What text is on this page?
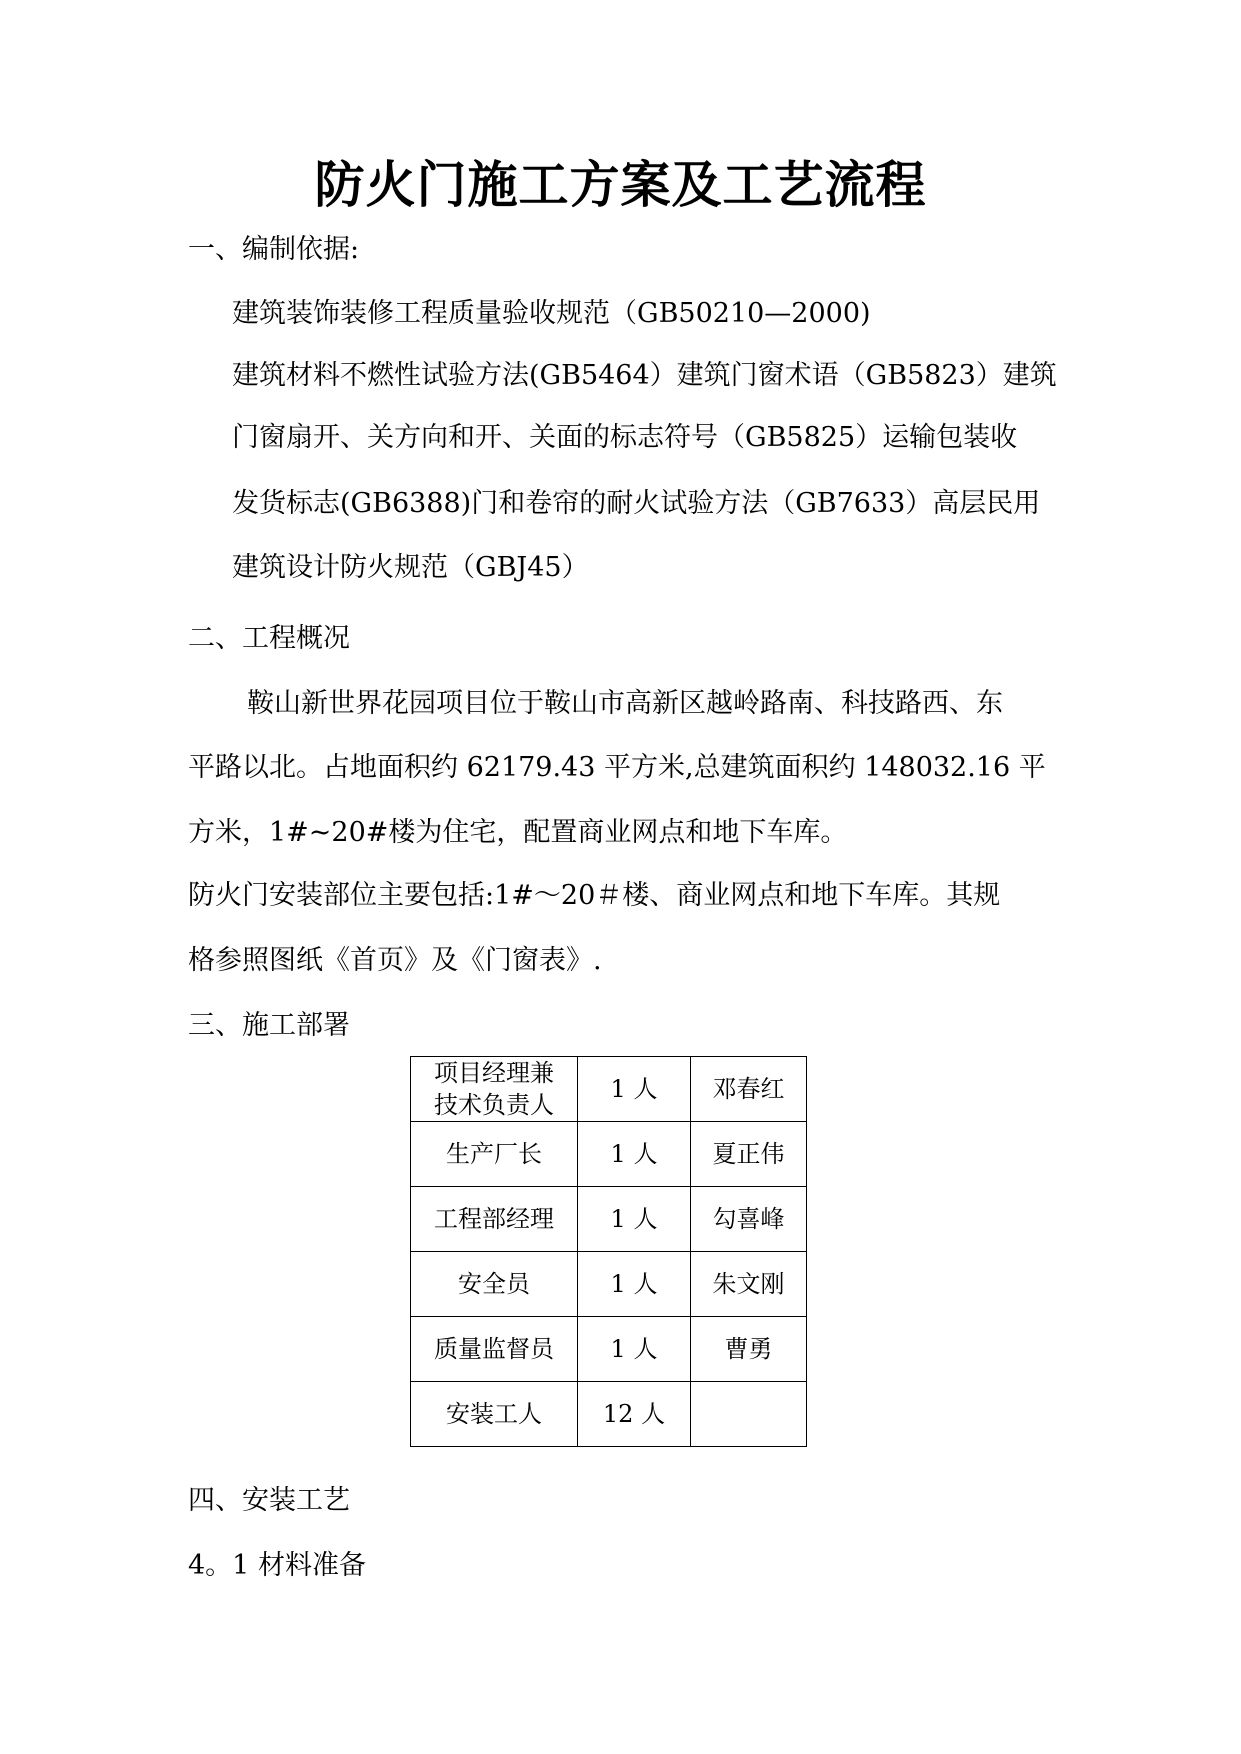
防火门施工方案及工艺流程
一、编制依据:
建筑装饰装修工程质量验收规范（GB50210—2000)
建筑材料不燃性试验方法(GB5464）建筑门窗术语（GB5823）建筑
门窗扇开、关方向和开、关面的标志符号（GB5825）运输包装收
发货标志(GB6388)门和卷帘的耐火试验方法（GB7633）高层民用
建筑设计防火规范（GBJ45）
二、工程概况
鞍山新世界花园项目位于鞍山市高新区越岭路南、科技路西、东
平路以北。占地面积约 62179.43 平方米,总建筑面积约 148032.16 平
方米，1#~20#楼为住宅，配置商业网点和地下车库。
防火门安装部位主要包括:1#～20＃楼、商业网点和地下车库。其规
格参照图纸《首页》及《门窗表》.
三、施工部署
项目经理兼技术负责人	1 人	邓春红
生产厂长	1 人	夏正伟
工程部经理	1 人	勾喜峰
安全员	1 人	朱文刚
质量监督员	1 人	曹勇
安装工人	12 人	
四、安装工艺
4。1 材料准备
